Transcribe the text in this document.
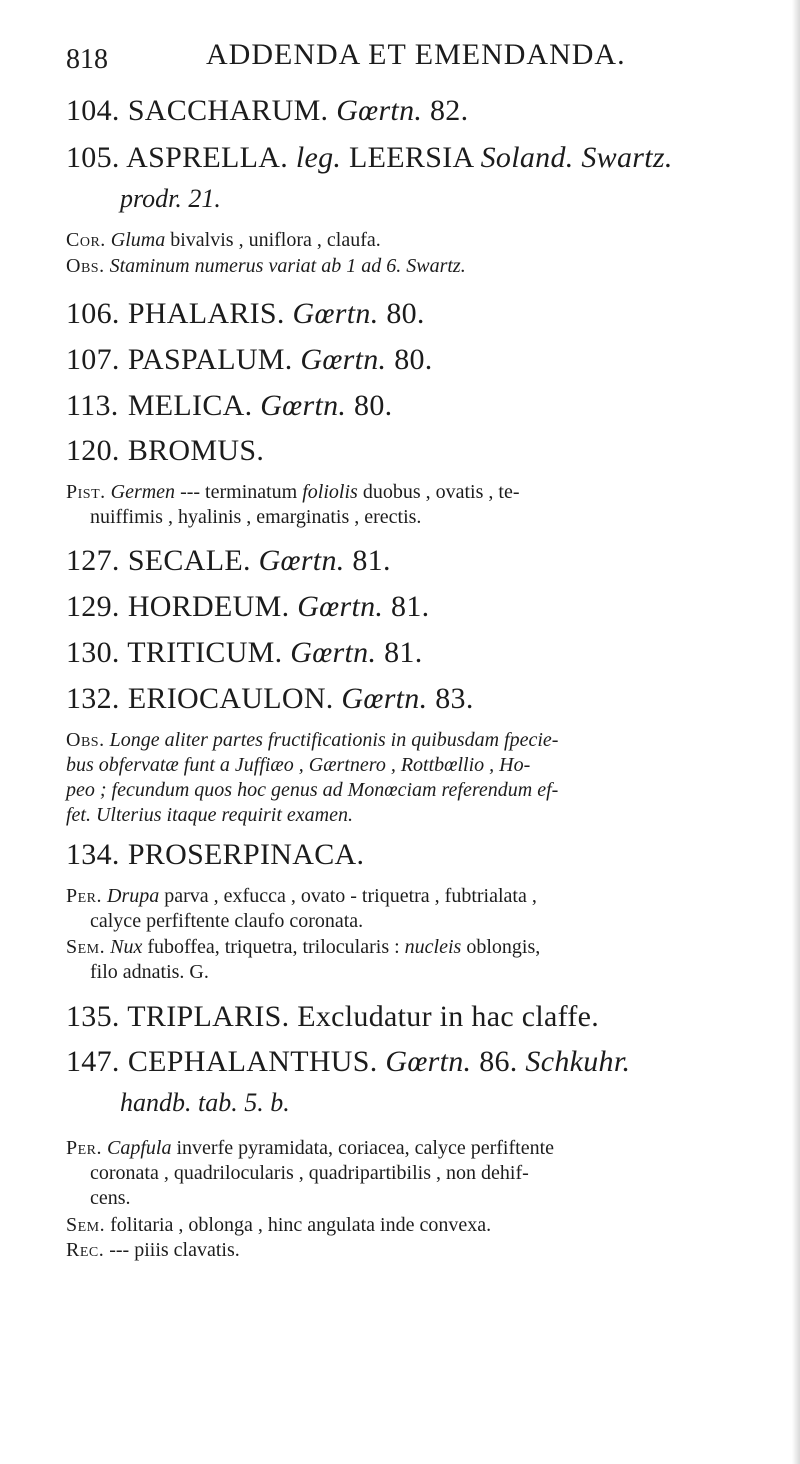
818	ADDENDA ET EMENDANDA.
104. SACCHARUM. Gœrtn. 82.
105. ASPRELLA. leg. LEERSIA Soland. Swartz.
prodr. 21.
Cor. Gluma bivalvis , uniflora , claufa.
Obs. Staminum numerus variat ab 1 ad 6. Swartz.
106. PHALARIS. Gœrtn. 80.
107. PASPALUM. Gœrtn. 80.
113. MELICA. Gœrtn. 80.
120. BROMUS.
Pist. Germen --- terminatum foliolis duobus , ovatis , te-
nuiffimis , hyalinis , emarginatis , erectis.
127. SECALE. Gœrtn. 81.
129. HORDEUM. Gœrtn. 81.
130. TRITICUM. Gœrtn. 81.
132. ERIOCAULON. Gœrtn. 83.
Obs. Longe aliter partes fructificationis in quibusdam fpecie-
bus obfervatæ funt a Juffiæo , Gærtnero , Rottbœllio , Ho-
peo ; fecundum quos hoc genus ad Monœciam referendum ef-
fet. Ulterius itaque requirit examen.
134. PROSERPINACA.
Per. Drupa parva , exfucca , ovato - triquetra , fubtrialata ,
calyce perfiftente claufo coronata.
Sem. Nux fuboffea, triquetra, trilocularis : nucleis oblongis,
filo adnatis. G.
135. TRIPLARIS. Excludatur in hac claffe.
147. CEPHALANTHUS. Gœrtn. 86. Schkuhr.
handb. tab. 5. b.
Per. Capfula inverfe pyramidata, coriacea, calyce perfiftente
coronata , quadrilocularis , quadripartibilis , non dehif-
cens.
Sem. folitaria , oblonga , hinc angulata inde convexa.
Rec. --- piiis clavatis.
